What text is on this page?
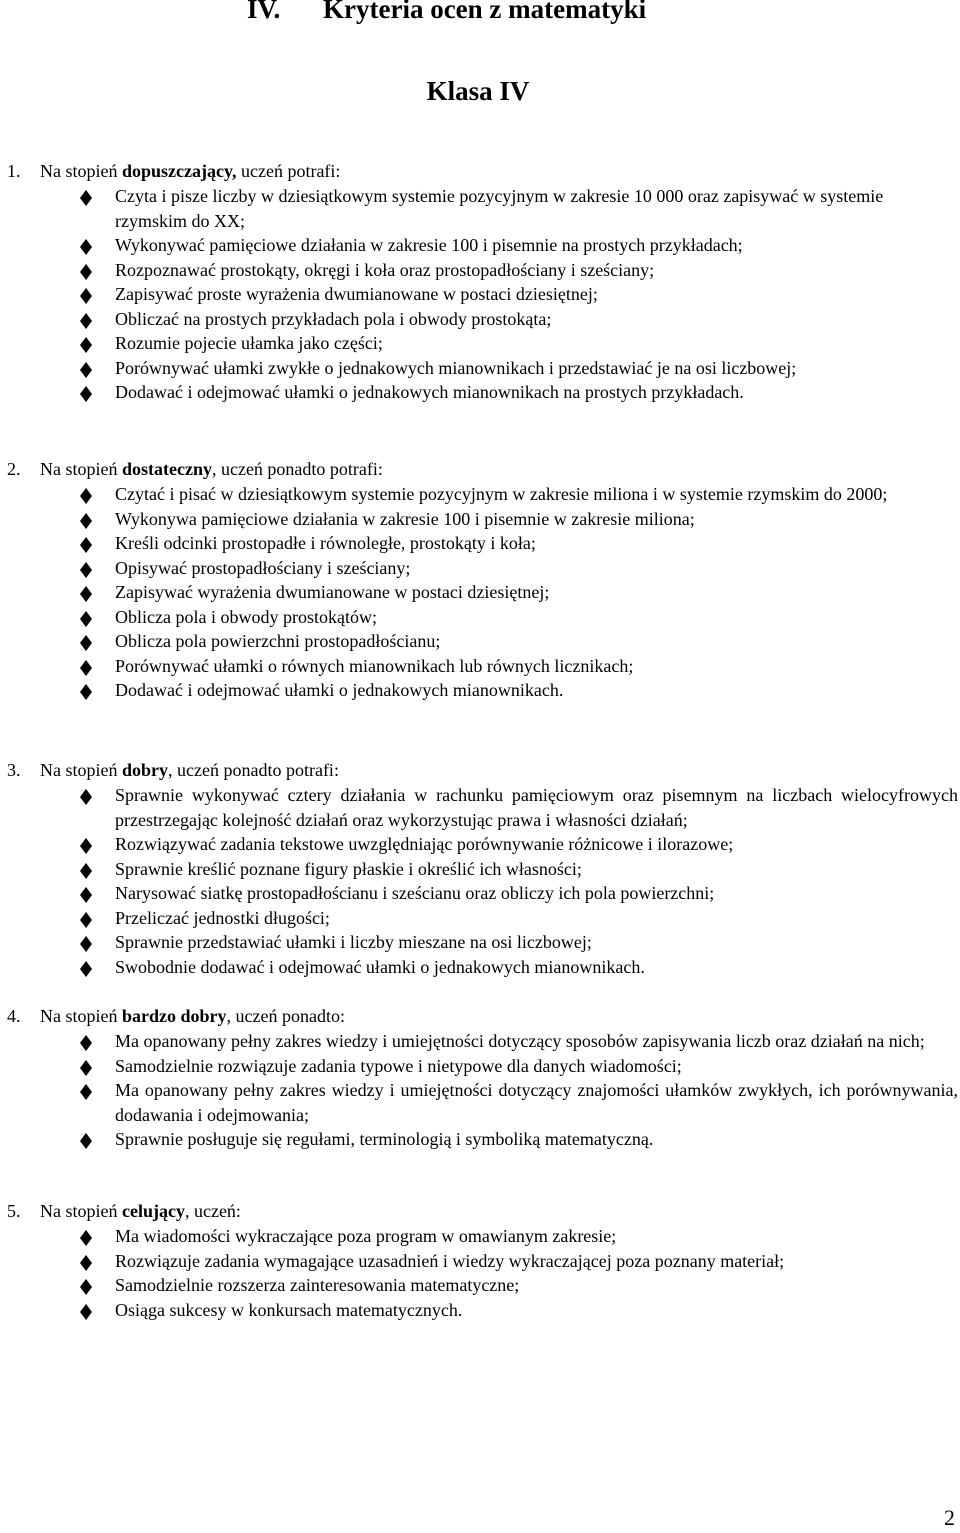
IV. Kryteria ocen z matematyki
Klasa IV
1. Na stopień dopuszczający, uczeń potrafi:
Czyta i pisze liczby w dziesiątkowym systemie pozycyjnym w zakresie 10 000 oraz zapisywać w systemie rzymskim do XX;
Wykonywać pamięciowe działania w zakresie 100 i pisemnie na prostych przykładach;
Rozpoznawać prostokąty, okręgi i koła oraz prostopadłościany i sześciany;
Zapisywać proste wyrażenia dwumianowane w postaci dziesiętnej;
Obliczać na prostych przykładach pola i obwody prostokąta;
Rozumie pojecie ułamka jako części;
Porównywać ułamki zwykłe o jednakowych mianownikach i przedstawiać je na osi liczbowej;
Dodawać i odejmować ułamki o jednakowych mianownikach na prostych przykładach.
2. Na stopień dostateczny, uczeń ponadto potrafi:
Czytać i pisać w dziesiątkowym systemie pozycyjnym w zakresie miliona i w systemie rzymskim do 2000;
Wykonywa pamięciowe działania w zakresie 100 i pisemnie w zakresie miliona;
Kreśli odcinki prostopadłe i równoległe, prostokąty i koła;
Opisywać prostopadłościany i sześciany;
Zapisywać wyrażenia dwumianowane w postaci dziesiętnej;
Oblicza pola i obwody prostokątów;
Oblicza pola powierzchni prostopadłościanu;
Porównywać ułamki o równych mianownikach lub równych licznikach;
Dodawać i odejmować ułamki o jednakowych mianownikach.
3. Na stopień dobry, uczeń ponadto potrafi:
Sprawnie wykonywać cztery działania w rachunku pamięciowym oraz pisemnym na liczbach wielocyfrowych przestrzegając kolejność działań oraz wykorzystując prawa i własności działań;
Rozwiązywać zadania tekstowe uwzględniając porównywanie różnicowe i ilorazowe;
Sprawnie kreślić poznane figury płaskie i określić ich własności;
Narysować siatkę prostopadłościanu i sześcianu oraz obliczy ich pola powierzchni;
Przeliczać jednostki długości;
Sprawnie przedstawiać ułamki i liczby mieszane na osi liczbowej;
Swobodnie dodawać i odejmować ułamki o jednakowych mianownikach.
4. Na stopień bardzo dobry, uczeń ponadto:
Ma opanowany pełny zakres wiedzy i umiejętności dotyczący sposobów zapisywania liczb oraz działań na nich;
Samodzielnie rozwiązuje zadania typowe i nietypowe dla danych wiadomości;
Ma opanowany pełny zakres wiedzy i umiejętności dotyczący znajomości ułamków zwykłych, ich porównywania, dodawania i odejmowania;
Sprawnie posługuje się regułami, terminologią i symboliką matematyczną.
5. Na stopień celujący, uczeń:
Ma wiadomości wykraczające poza program w omawianym zakresie;
Rozwiązuje zadania wymagające uzasadnień i wiedzy wykraczającej poza poznany materiał;
Samodzielnie rozszerza zainteresowania matematyczne;
Osiąga sukcesy w konkursach matematycznych.
2
